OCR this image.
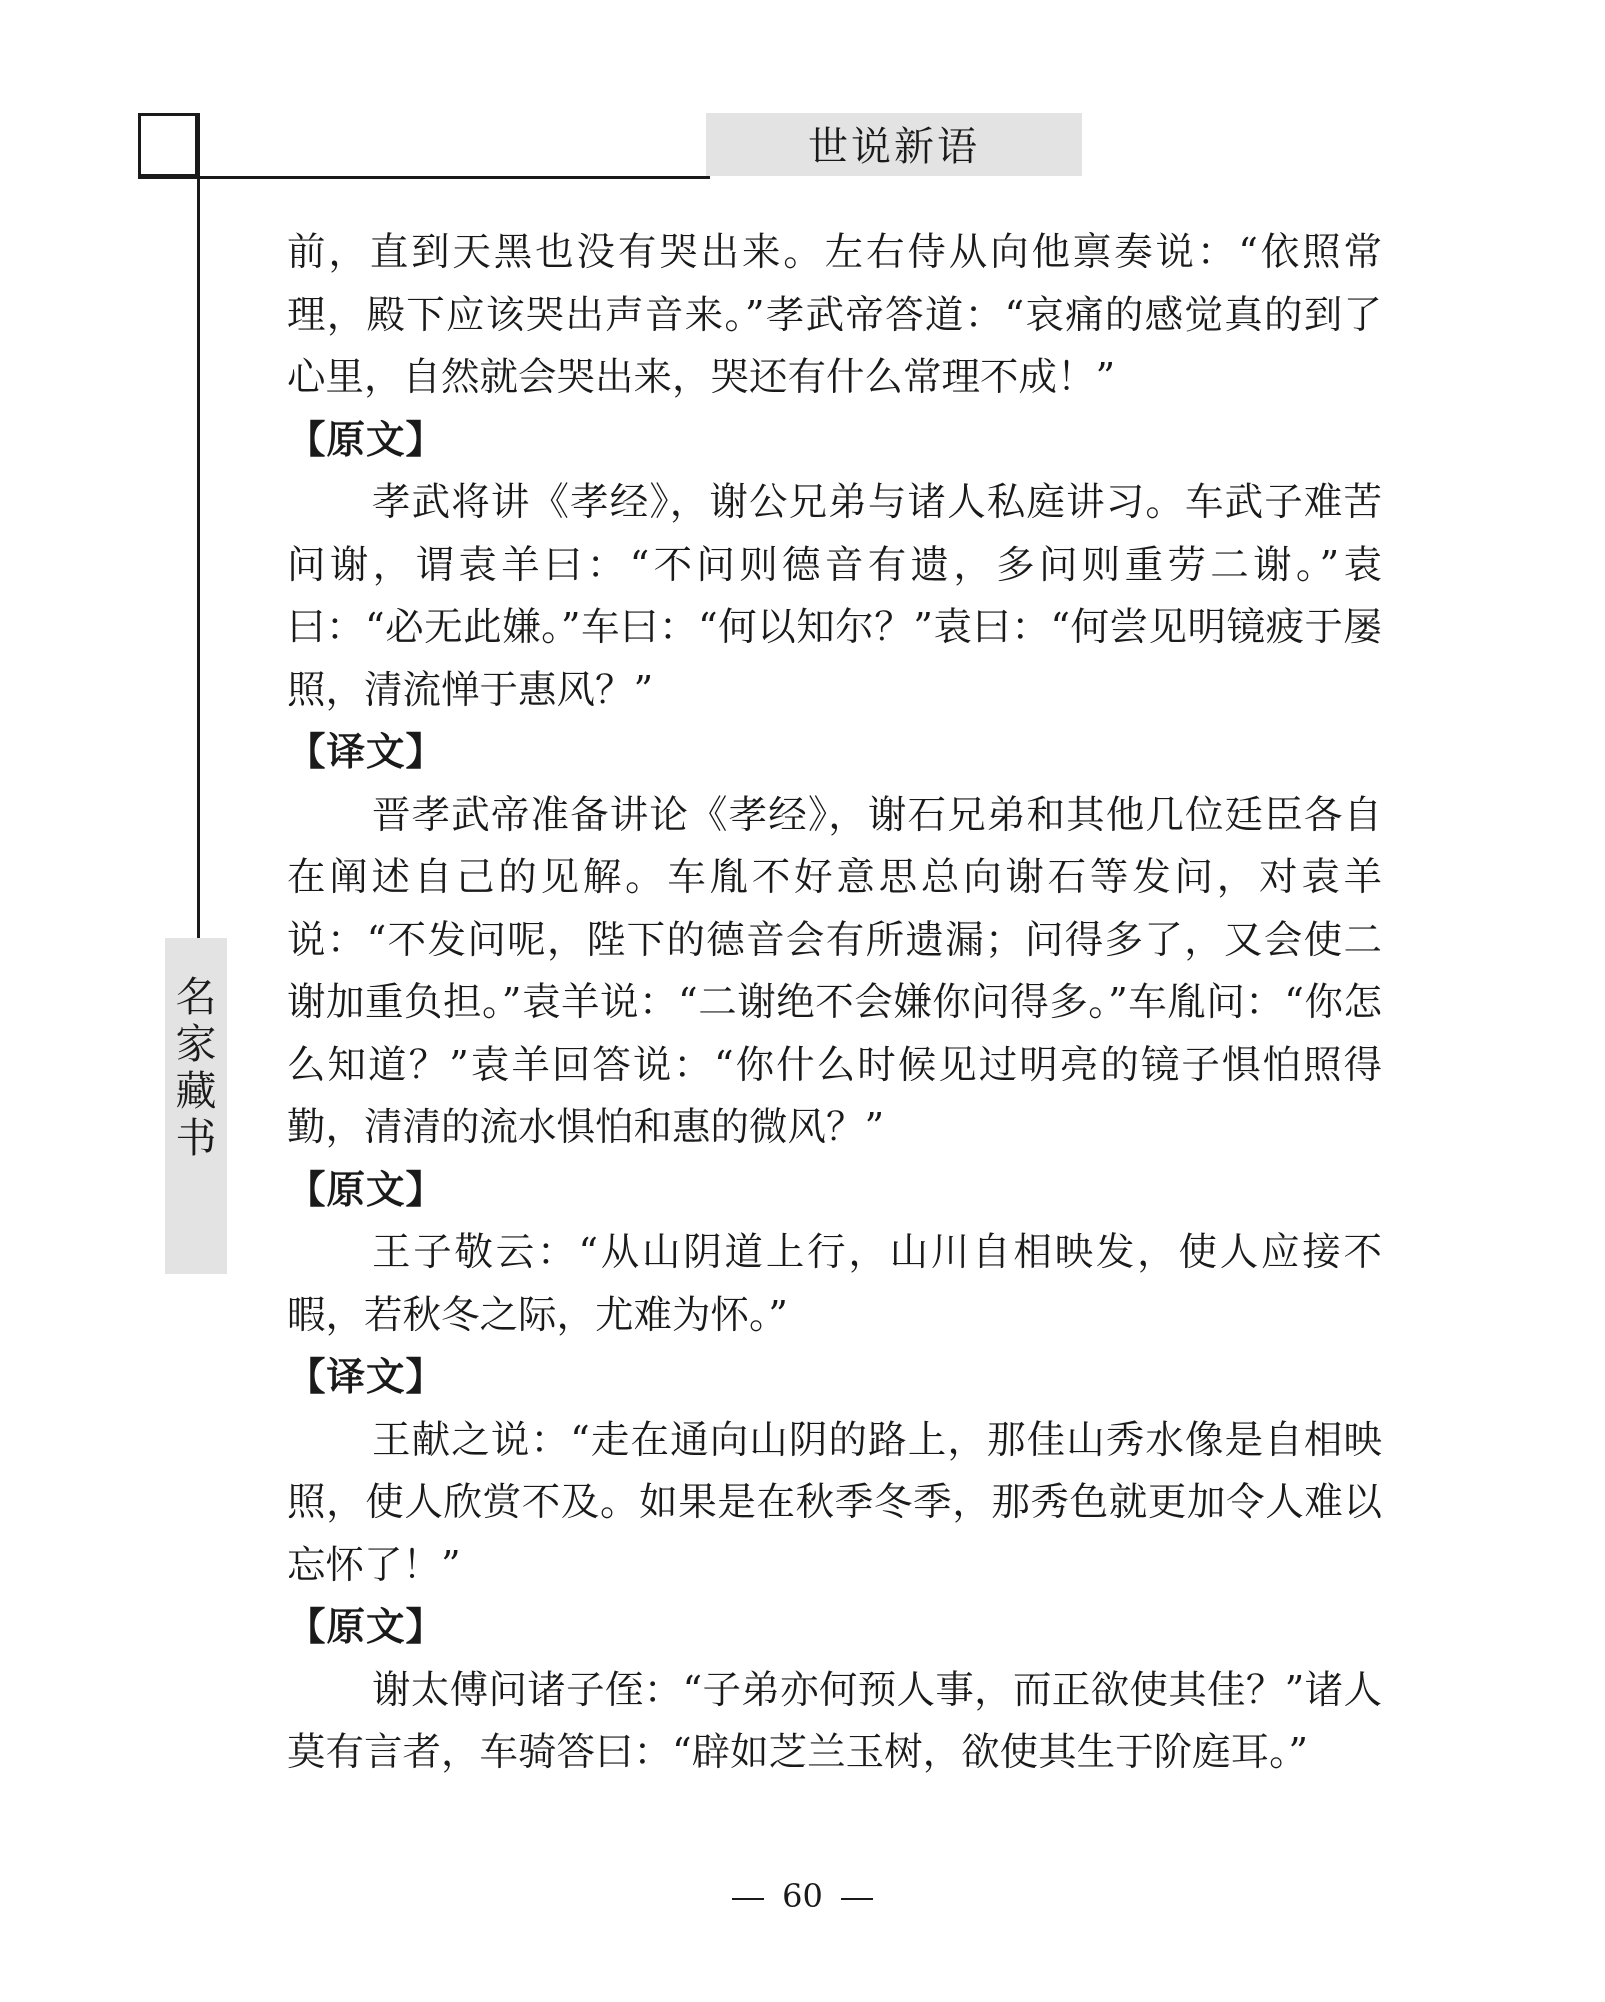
世说新语
名
家
藏
书

前，直到天黑也没有哭出来。左右侍从向他禀奏说：“依照常理，殿下应该哭出声音来。”孝武帝答道：“哀痛的感觉真的到了心里，自然就会哭出来，哭还有什么常理不成！”

【原文】

孝武将讲《孝经》，谢公兄弟与诸人私庭讲习。车武子难苦问谢，谓袁羊曰：“不问则德音有遗，多问则重劳二谢。”袁曰：“必无此嫌。”车曰：“何以知尔？”袁曰：“何尝见明镜疲于屡照，清流惮于惠风？”

【译文】

晋孝武帝准备讲论《孝经》，谢石兄弟和其他几位廷臣各自在阐述自己的见解。车胤不好意思总向谢石等发问，对袁羊说：“不发问呢，陛下的德音会有所遗漏；问得多了，又会使二谢加重负担。”袁羊说：“二谢绝不会嫌你问得多。”车胤问：“你怎么知道？”袁羊回答说：“你什么时候见过明亮的镜子惧怕照得勤，清清的流水惧怕和惠的微风？”

【原文】

王子敬云：“从山阴道上行，山川自相映发，使人应接不暇，若秋冬之际，尤难为怀。”

【译文】

王献之说：“走在通向山阴的路上，那佳山秀水像是自相映照，使人欣赏不及。如果是在秋季冬季，那秀色就更加令人难以忘怀了！”

【原文】

谢太傅问诸子侄：“子弟亦何预人事，而正欲使其佳？”诸人莫有言者，车骑答曰：“辟如芝兰玉树，欲使其生于阶庭耳。”

60
